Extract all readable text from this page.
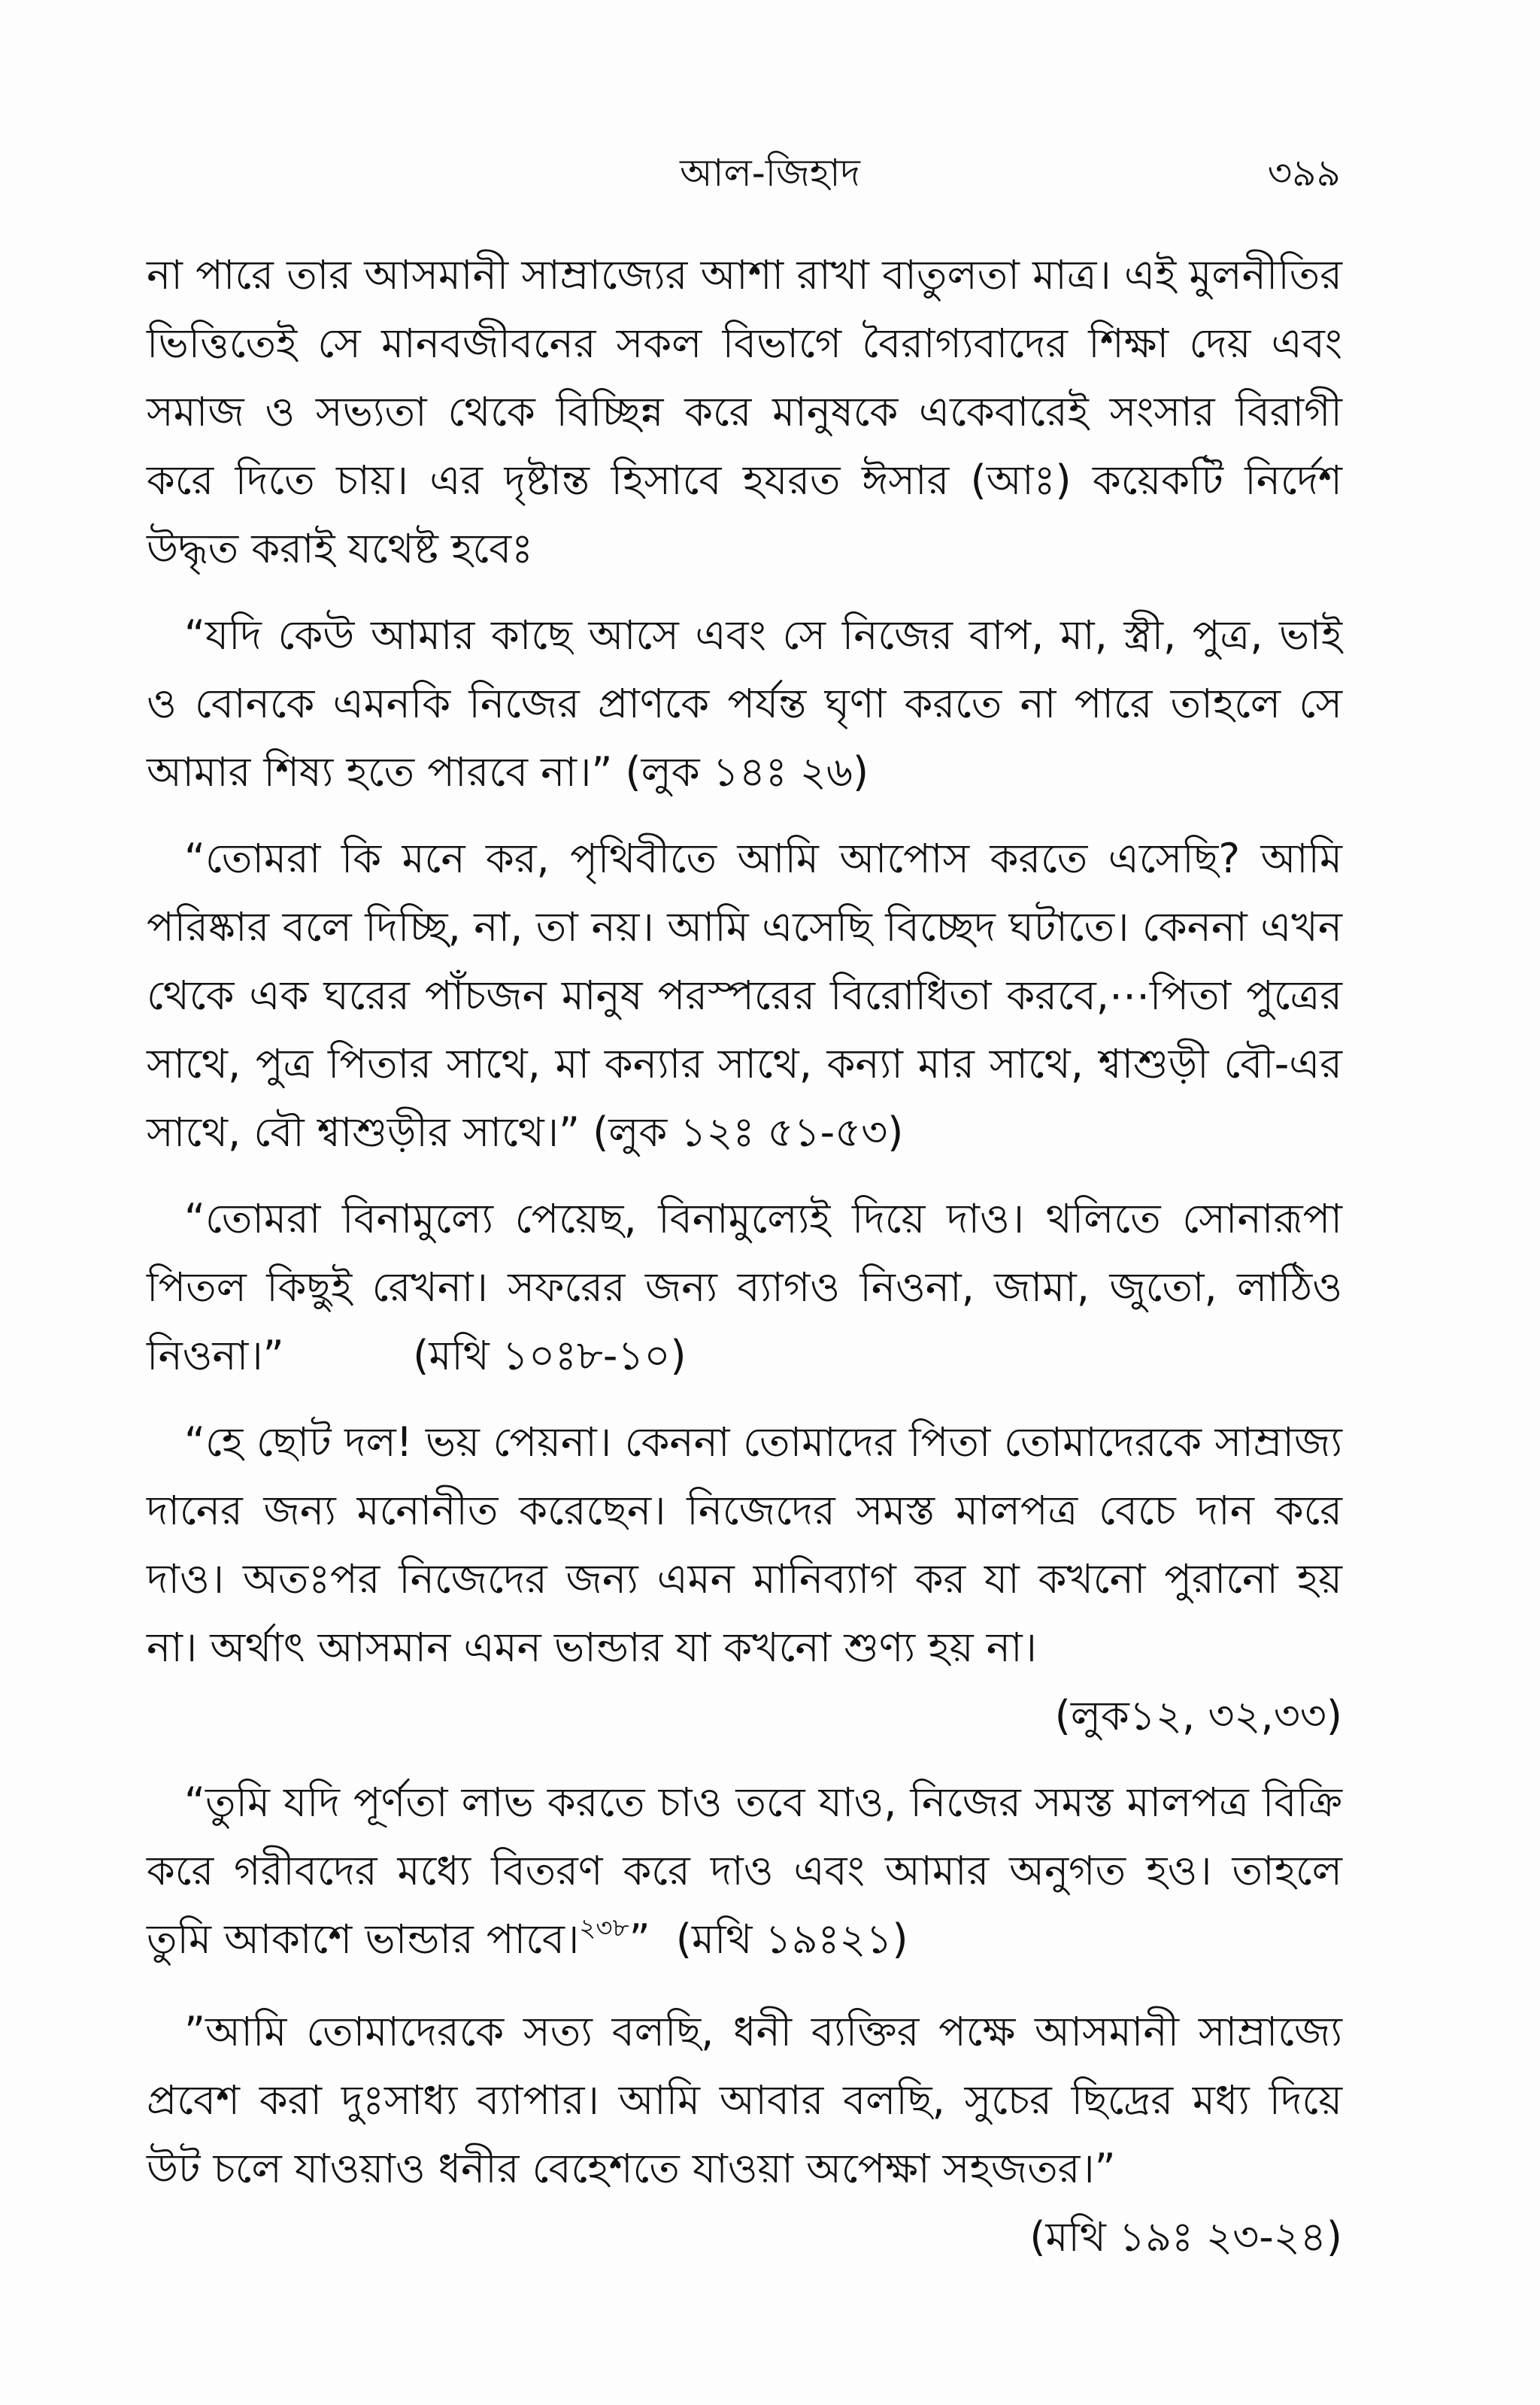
আল-জিহাদ	৩৯৯

না পারে তার আসমানী সাম্রাজ্যের আশা রাখা বাতুলতা মাত্র। এই মুলনীতির ভিত্তিতেই সে মানবজীবনের সকল বিভাগে বৈরাগ্যবাদের শিক্ষা দেয় এবং সমাজ ও সভ্যতা থেকে বিচ্ছিন্ন করে মানুষকে একেবারেই সংসার বিরাগী করে দিতে চায়। এর দৃষ্টান্ত হিসাবে হযরত ঈসার (আঃ) কয়েকটি নির্দেশ উদ্ধৃত করাই যথেষ্ট হবেঃ

“যদি কেউ আমার কাছে আসে এবং সে নিজের বাপ, মা, স্ত্রী, পুত্র, ভাই ও বোনকে এমনকি নিজের প্রাণকে পর্যন্ত ঘৃণা করতে না পারে তাহলে সে আমার শিষ্য হতে পারবে না।” (লুক ১৪ঃ ২৬)

“তোমরা কি মনে কর, পৃথিবীতে আমি আপোস করতে এসেছি? আমি পরিষ্কার বলে দিচ্ছি, না, তা নয়। আমি এসেছি বিচ্ছেদ ঘটাতে। কেননা এখন থেকে এক ঘরের পাঁচজন মানুষ পরস্পরের বিরোধিতা করবে,⋯পিতা পুত্রের সাথে, পুত্র পিতার সাথে, মা কন্যার সাথে, কন্যা মার সাথে, শ্বাশুড়ী বৌ-এর সাথে, বৌ শ্বাশুড়ীর সাথে।” (লুক ১২ঃ ৫১-৫৩)

“তোমরা বিনামুল্যে পেয়েছ, বিনামুল্যেই দিয়ে দাও। থলিতে সোনারূপা পিতল কিছুই রেখনা। সফরের জন্য ব্যাগও নিওনা, জামা, জুতো, লাঠিও নিওনা।”	(মথি ১০ঃ৮-১০)

“হে ছোট দল! ভয় পেয়না। কেননা তোমাদের পিতা তোমাদেরকে সাম্রাজ্য দানের জন্য মনোনীত করেছেন। নিজেদের সমস্ত মালপত্র বেচে দান করে দাও। অতঃপর নিজেদের জন্য এমন মানিব্যাগ কর যা কখনো পুরানো হয় না। অর্থাৎ আসমান এমন ভান্ডার যা কখনো শুণ্য হয় না।

(লুক১২, ৩২,৩৩)

“তুমি যদি পূর্ণতা লাভ করতে চাও তবে যাও, নিজের সমস্ত মালপত্র বিক্রি করে গরীবদের মধ্যে বিতরণ করে দাও এবং আমার অনুগত হও। তাহলে তুমি আকাশে ভান্ডার পাবে।$^{২৩৮}$” (মথি ১৯ঃ২১)

”আমি তোমাদেরকে সত্য বলছি, ধনী ব্যক্তির পক্ষে আসমানী সাম্রাজ্যে প্রবেশ করা দুঃসাধ্য ব্যাপার। আমি আবার বলছি, সুচের ছিদ্রের মধ্য দিয়ে উট চলে যাওয়াও ধনীর বেহেশতে যাওয়া অপেক্ষা সহজতর।”

(মথি ১৯ঃ ২৩-২৪)
